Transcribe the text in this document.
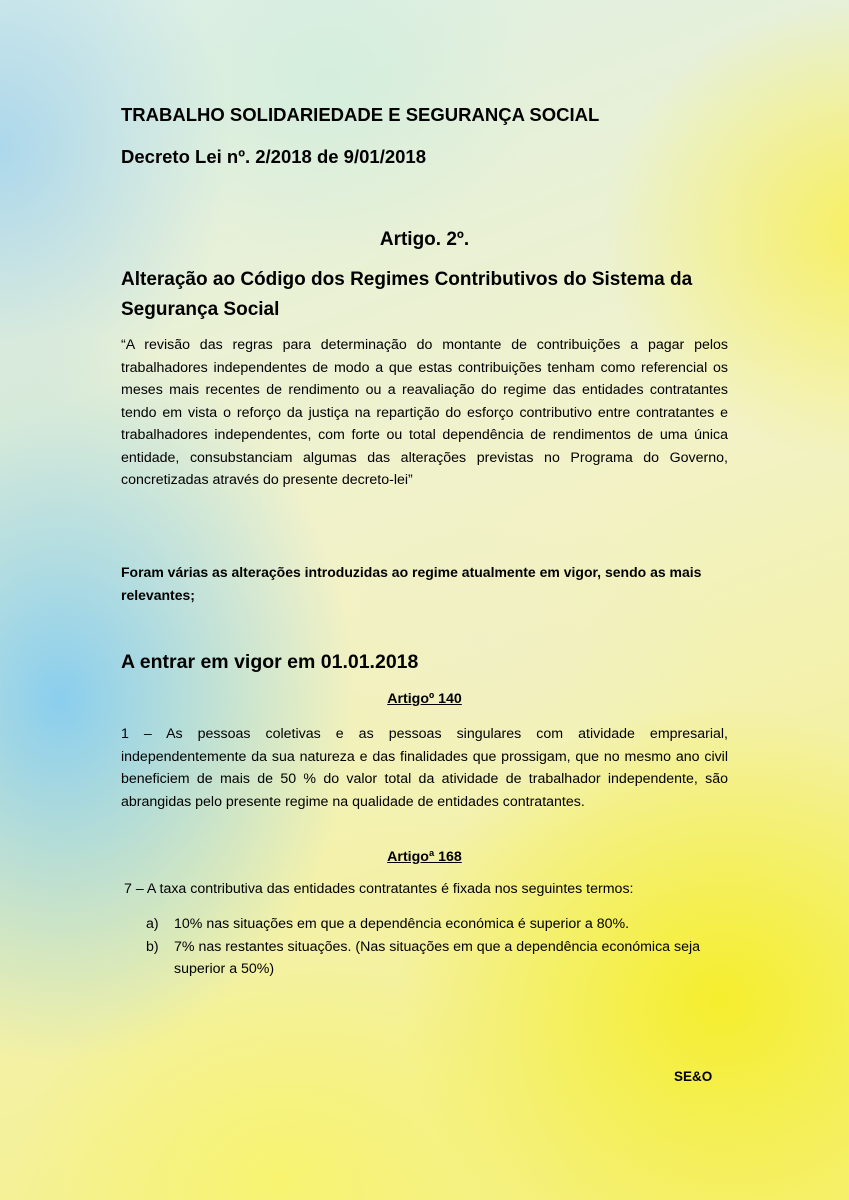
TRABALHO SOLIDARIEDADE E SEGURANÇA SOCIAL
Decreto Lei nº. 2/2018 de 9/01/2018
Artigo. 2º.
Alteração ao Código dos Regimes Contributivos do Sistema da Segurança Social

“A revisão das regras para determinação do montante de contribuições a pagar pelos trabalhadores independentes de modo a que estas contribuições tenham como referencial os meses mais recentes de rendimento ou a reavaliação do regime das entidades contratantes tendo em vista o reforço da justiça na repartição do esforço contributivo entre contratantes e trabalhadores independentes, com forte ou total dependência de rendimentos de uma única entidade, consubstanciam algumas das alterações previstas no Programa do Governo, concretizadas através do presente decreto-lei”

Foram várias as alterações introduzidas ao regime atualmente em vigor, sendo as mais relevantes;

A entrar em vigor em 01.01.2018
Artigoº 140

1 – As pessoas coletivas e as pessoas singulares com atividade empresarial, independentemente da sua natureza e das finalidades que prossigam, que no mesmo ano civil beneficiem de mais de 50 % do valor total da atividade de trabalhador independente, são abrangidas pelo presente regime na qualidade de entidades contratantes.

Artigoª 168
7 – A taxa contributiva das entidades contratantes é fixada nos seguintes termos:
a) 10% nas situações em que a dependência económica é superior a 80%.
b) 7% nas restantes situações. (Nas situações em que a dependência económica seja superior a 50%)
SE&O
